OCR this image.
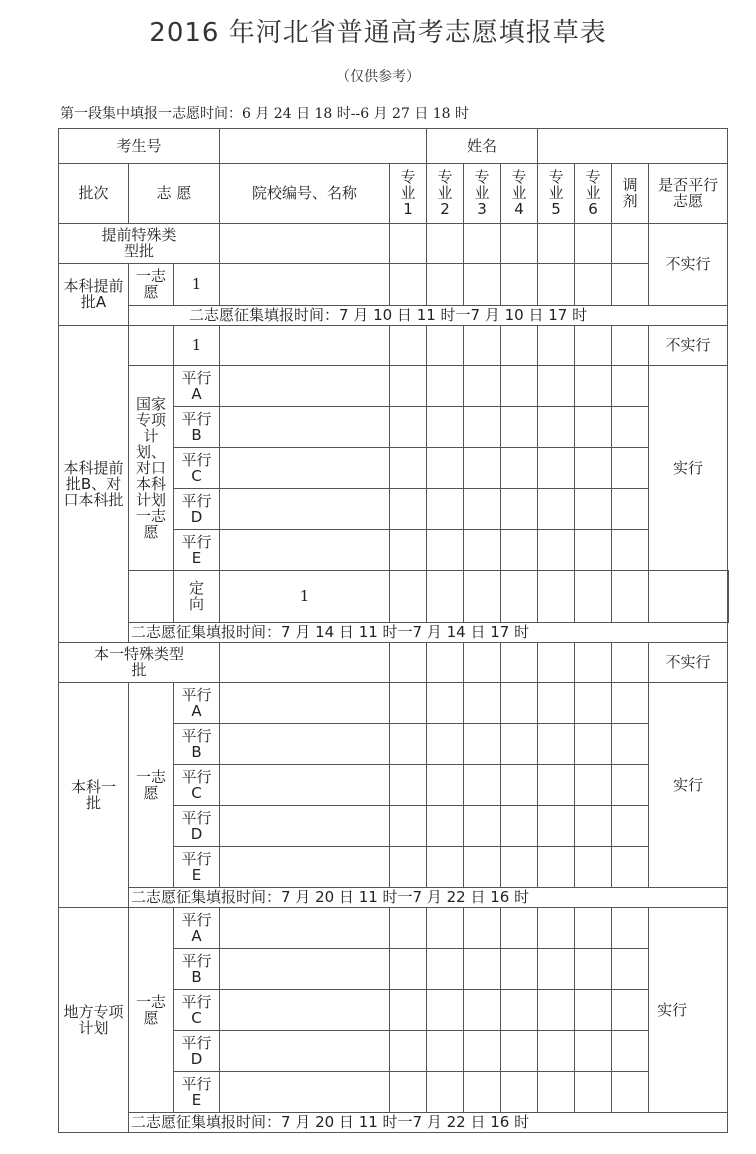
2016 年河北省普通高考志愿填报草表
（仅供参考）
第一段集中填报一志愿时间：6 月 24 日 18 时--6 月 27 日 18 时
考生号					姓名							
批次	志 愿		院校编号、名称	专业1	专业2	专业3	专业4	专业5	专业6	调剂	是否平行志愿	
提前特殊类型批											不实行	
本科提前批A	一志愿	1										
	二志愿征集填报时间：7 月 10 日 11 时一7 月 10 日 17 时											
本科提前批B、对口本科批		1									不实行	
	国家专项计划、对口本科计划一志愿	平行A									实行	
		平行B										
		平行C										
		平行D										
		平行E										
		定向	1									
	二志愿征集填报时间：7 月 14 日 11 时一7 月 14 日 17 时											
本一特殊类型批											不实行	
本科一批	一志愿	平行A									实行	
		平行B										
		平行C										
		平行D										
		平行E										
	二志愿征集填报时间：7 月 20 日 11 时一7 月 22 日 16 时											
地方专项计划	一志愿	平行A									实行	
		平行B										
		平行C										
		平行D										
		平行E										
	二志愿征集填报时间：7 月 20 日 11 时一7 月 22 日 16 时											
